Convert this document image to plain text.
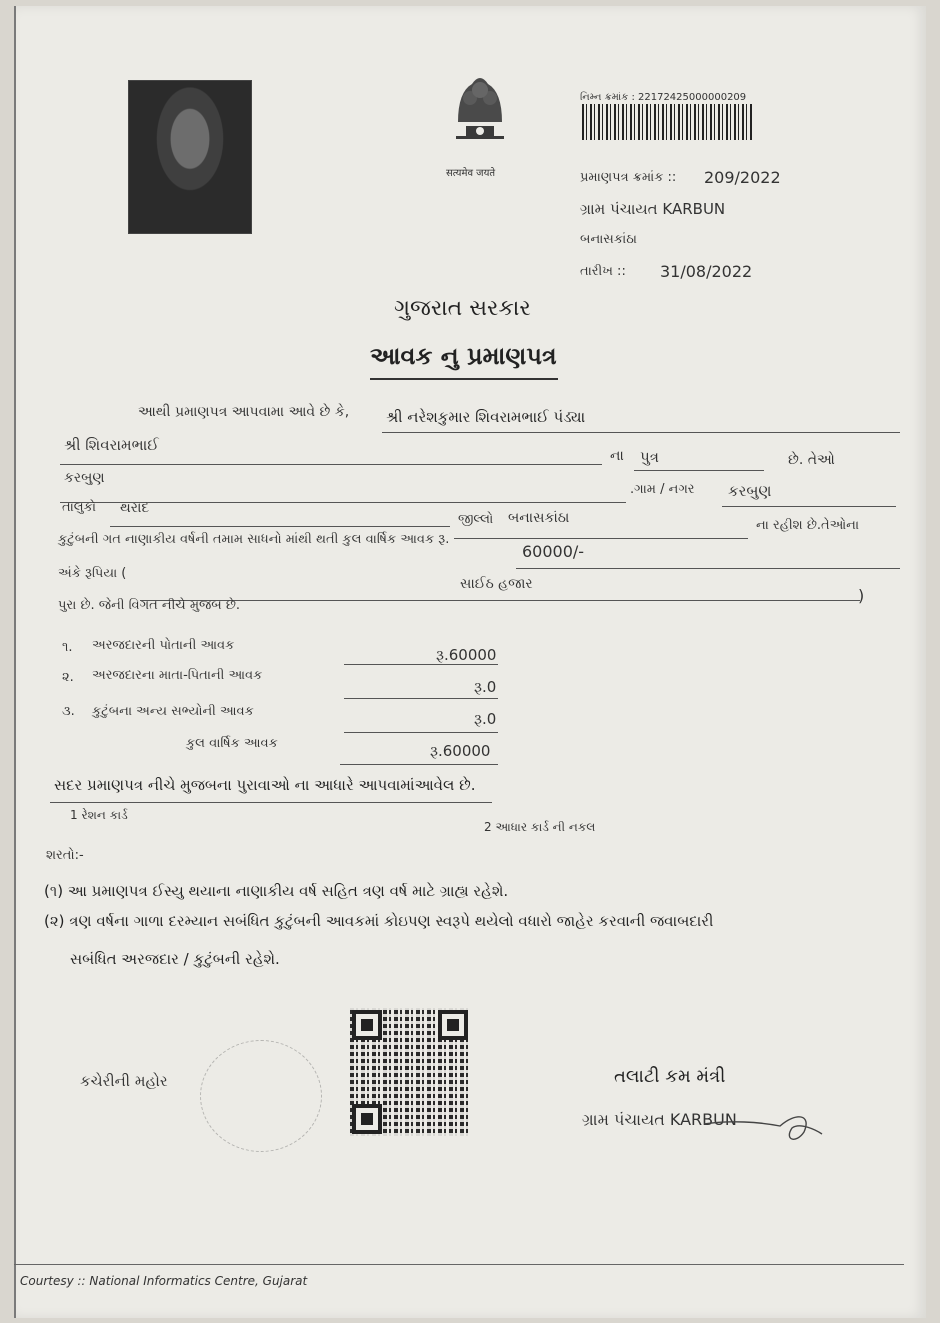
सत्यमेव जयते
નિમ્ન ક્રમાંક : 22172425000000209
પ્રમાણપત્ર ક્રમાંક :: 209/2022
ગ્રામ પંચાયત KARBUN
બનાસકાંઠા
તારીખ :: 31/08/2022
ગુજરાત સરકાર
આવક નુ પ્રમાણપત્ર
આથી પ્રમાણપત્ર આપવામા આવે છે કે, શ્રી નરેશકુમાર શિવરામભાઈ પંડ્યા
શ્રી શિવરામભાઈ
ના પુત્ર	છે. તેઓ
કરબુણ
.ગામ / નગર કરબુણ
તાલુકો થરાદ
જીલ્લો બનાસકાંઠા	ના રહીશ છે.તેઓના
કુટુંબની ગત નાણાકીય વર્ષની તમામ સાધનો માંથી થતી કુલ વાર્ષિક આવક રૂ.
60000/-
અંકે રૂપિયા (
સાઈઠ હજાર
)
પુરા છે. જેની વિગત નીચે મુજબ છે.
૧. અરજદારની પોતાની આવક
રૂ.60000
૨. અરજદારના માતા-પિતાની આવક
રૂ.0
૩. કુટુંબના અન્ય સભ્યોની આવક	રૂ.0
કુલ વાર્ષિક આવક	રૂ.60000
સદર પ્રમાણપત્ર નીચે મુજબના પુરાવાઓ ના આધારે આપવામાંઆવેલ છે.
1 રેશન કાર્ડ
2 આધાર કાર્ડ ની નકલ
શરતો:-
(૧) આ પ્રમાણપત્ર ઈસ્યુ થયાના નાણાકીય વર્ષ સહિત ત્રણ વર્ષ માટે ગ્રાહ્ય રહેશે.
(૨) ત્રણ વર્ષના ગાળા દરમ્યાન સબંધિત કુટુંબની આવકમાં કોઇપણ સ્વરૂપે થયેલો વધારો જાહેર કરવાની જવાબદારી
સબંધિત અરજદાર / કુટુંબની રહેશે.
કચેરીની મહોર	તલાટી કમ મંત્રી
ગ્રામ પંચાયત KARBUN
Courtesy :: National Informatics Centre, Gujarat
